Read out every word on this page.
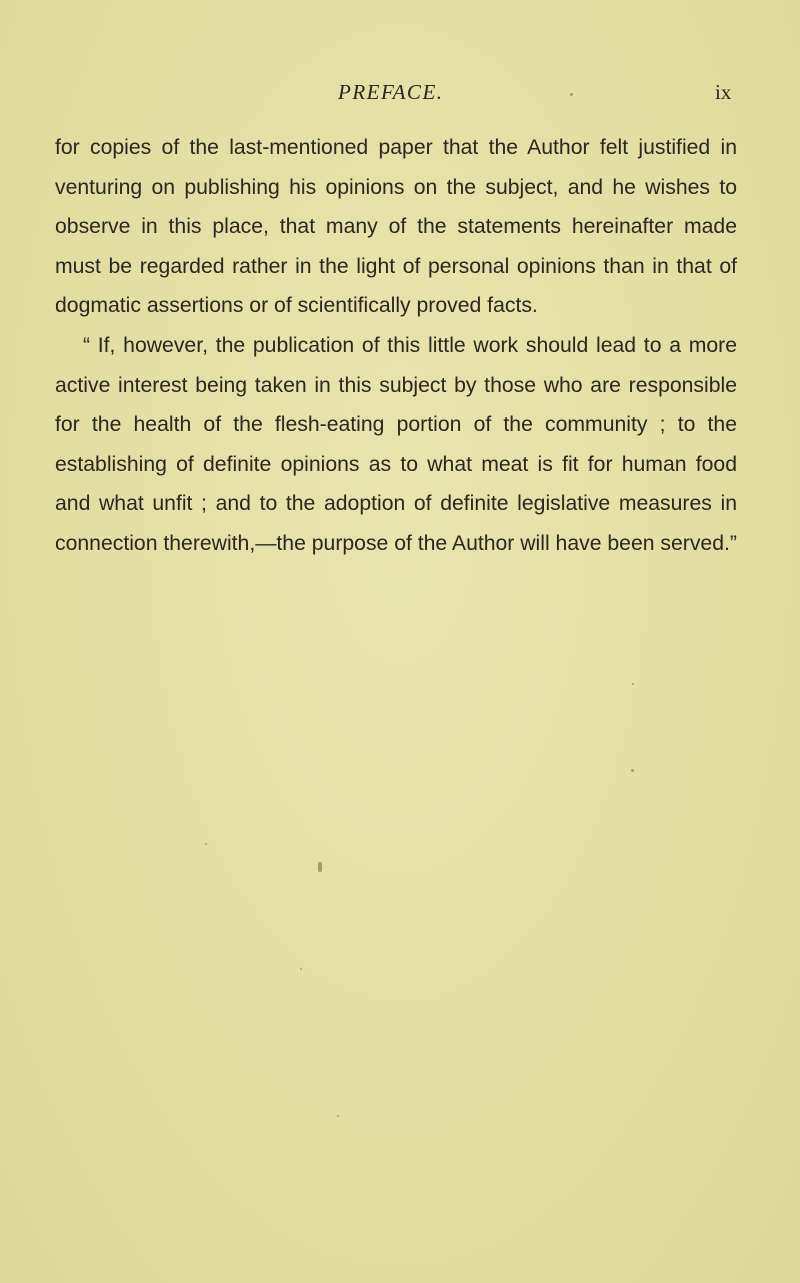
PREFACE.	ix

for copies of the last-mentioned paper that the Author felt justified in venturing on publishing his opinions on the subject, and he wishes to observe in this place, that many of the statements hereinafter made must be regarded rather in the light of personal opinions than in that of dogmatic assertions or of scientifically proved facts.

“ If, however, the publication of this little work should lead to a more active interest being taken in this subject by those who are responsible for the health of the flesh-eating portion of the community ; to the establishing of definite opinions as to what meat is fit for human food and what unfit ; and to the adoption of definite legislative measures in connection therewith,—the purpose of the Author will have been served.”
